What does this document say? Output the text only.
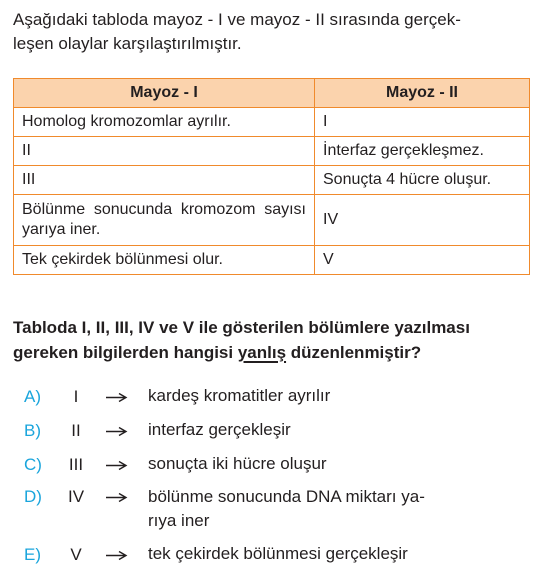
Aşağıdaki tabloda mayoz - I ve mayoz - II sırasında gerçek-
leşen olaylar karşılaştırılmıştır.

Mayoz - I	Mayoz - II
Homolog kromozomlar ayrılır.	I
II	İnterfaz gerçekleşmez.
III	Sonuçta 4 hücre oluşur.
Bölünme sonucunda kromozom sayısı yarıya iner.	IV
Tek çekirdek bölünmesi olur.	V

Tabloda I, II, III, IV ve V ile gösterilen bölümlere yazılması
gereken bilgilerden hangisi yanlış düzenlenmiştir?

A)	I	kardeş kromatitler ayrılır
B)	II	interfaz gerçekleşir
C)	III	sonuçta iki hücre oluşur
D)	IV	bölünme sonucunda DNA miktarı ya-
rıya iner
E)	V	tek çekirdek bölünmesi gerçekleşir
